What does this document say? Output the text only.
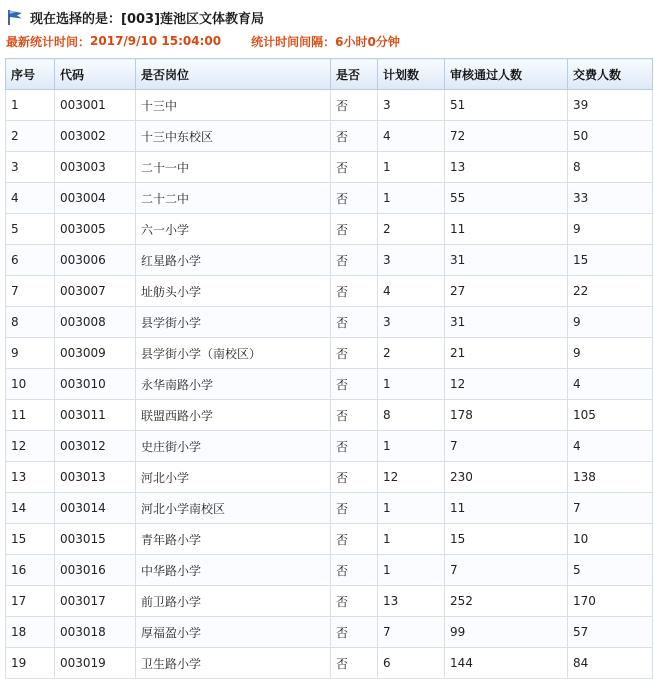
现在选择的是： [003]莲池区文体教育局
最新统计时间： 2017/9/10 15:04:00	统计时间间隔： 6小时0分钟
序号	代码	是否岗位	是否	计划数	审核通过人数	交费人数
1	003001	十三中	否	3	51	39
2	003002	十三中东校区	否	4	72	50
3	003003	二十一中	否	1	13	8
4	003004	二十二中	否	1	55	33
5	003005	六一小学	否	2	11	9
6	003006	红星路小学	否	3	31	15
7	003007	址舫头小学	否	4	27	22
8	003008	县学街小学	否	3	31	9
9	003009	县学街小学（南校区）	否	2	21	9
10	003010	永华南路小学	否	1	12	4
11	003011	联盟西路小学	否	8	178	105
12	003012	史庄街小学	否	1	7	4
13	003013	河北小学	否	12	230	138
14	003014	河北小学南校区	否	1	11	7
15	003015	青年路小学	否	1	15	10
16	003016	中华路小学	否	1	7	5
17	003017	前卫路小学	否	13	252	170
18	003018	厚福盈小学	否	7	99	57
19	003019	卫生路小学	否	6	144	84
